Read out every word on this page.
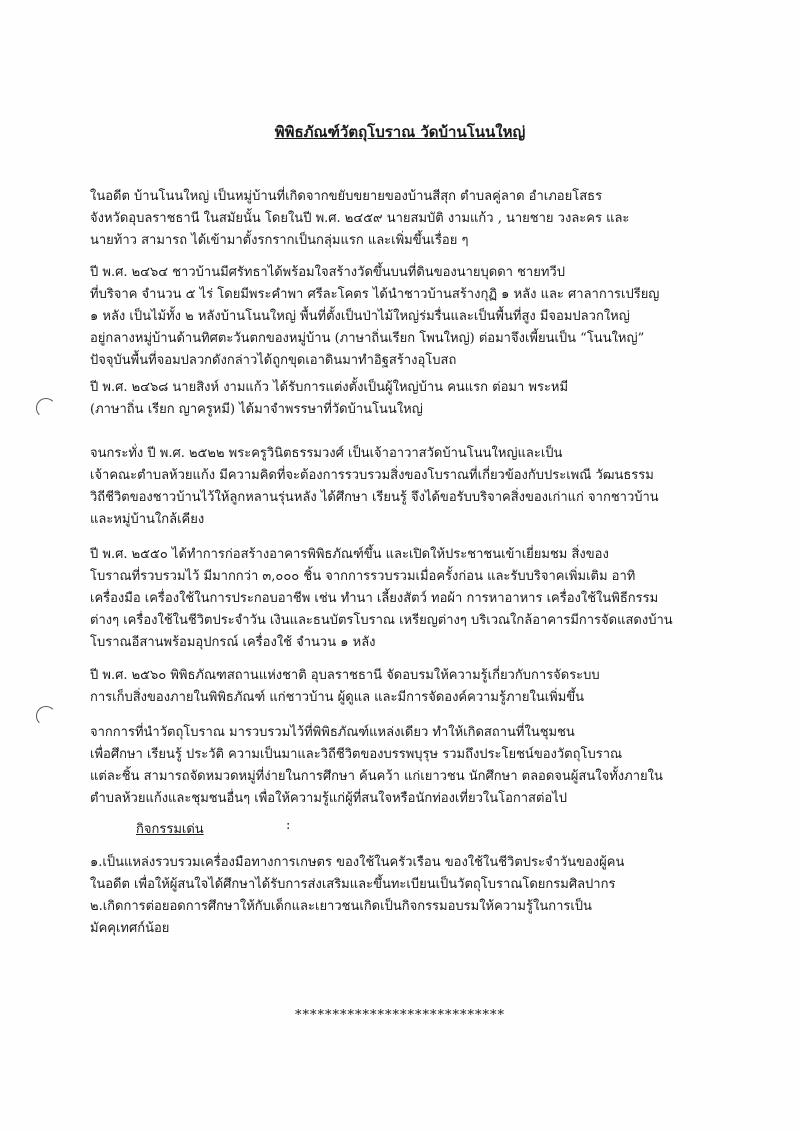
พิพิธภัณฑ์วัตถุโบราณ วัดบ้านโนนใหญ่
ในอดีต บ้านโนนใหญ่ เป็นหมู่บ้านที่เกิดจากขยับขยายของบ้านสีสุก ตำบลคู่ลาด อำเภอยโสธร
จังหวัดอุบลราชธานี ในสมัยนั้น โดยในปี พ.ศ. ๒๔๕๙ นายสมบัติ งามแก้ว , นายชาย วงละคร และ
นายท้าว สามารถ ได้เข้ามาตั้งรกรากเป็นกลุ่มแรก และเพิ่มขึ้นเรื่อย ๆ
ปี พ.ศ. ๒๔๖๔ ชาวบ้านมีศรัทธาได้พร้อมใจสร้างวัดขึ้นบนที่ดินของนายบุดดา ชายทวีป
ที่บริจาค จำนวน ๕ ไร่ โดยมีพระคำพา ศรีละโคตร ได้นำชาวบ้านสร้างกุฏิ ๑ หลัง และ ศาลาการเปรียญ
๑ หลัง เป็นไม้ทั้ง ๒ หลังบ้านโนนใหญ่ พื้นที่ตั้งเป็นป่าไม้ใหญ่ร่มรื่นและเป็นพื้นที่สูง มีจอมปลวกใหญ่
อยู่กลางหมู่บ้านด้านทิศตะวันตกของหมู่บ้าน (ภาษาถิ่นเรียก โพนใหญ่) ต่อมาจึงเพี้ยนเป็น “โนนใหญ่”
ปัจจุบันพื้นที่จอมปลวกดังกล่าวได้ถูกขุดเอาดินมาทำอิฐสร้างอุโบสถ
ปี พ.ศ. ๒๔๖๘ นายสิงห์ งามแก้ว ได้รับการแต่งตั้งเป็นผู้ใหญ่บ้าน คนแรก ต่อมา พระหมี
(ภาษาถิ่น เรียก ญาครูหมี) ได้มาจำพรรษาที่วัดบ้านโนนใหญ่
จนกระทั่ง ปี พ.ศ. ๒๕๒๒ พระครูวินิตธรรมวงศ์ เป็นเจ้าอาวาสวัดบ้านโนนใหญ่และเป็น
เจ้าคณะตำบลห้วยแก้ง มีความคิดที่จะต้องการรวบรวมสิ่งของโบราณที่เกี่ยวข้องกับประเพณี วัฒนธรรม
วิถีชีวิตของชาวบ้านไว้ให้ลูกหลานรุ่นหลัง ได้ศึกษา เรียนรู้ จึงได้ขอรับบริจาคสิ่งของเก่าแก่ จากชาวบ้าน
และหมู่บ้านใกล้เคียง
ปี พ.ศ. ๒๕๕๐ ได้ทำการก่อสร้างอาคารพิพิธภัณฑ์ขึ้น และเปิดให้ประชาชนเข้าเยี่ยมชม สิ่งของ
โบราณที่รวบรวมไว้ มีมากกว่า ๓,๐๐๐ ชิ้น จากการรวบรวมเมื่อครั้งก่อน และรับบริจาคเพิ่มเติม อาทิ
เครื่องมือ เครื่องใช้ในการประกอบอาชีพ เช่น ทำนา เลี้ยงสัตว์ ทอผ้า การหาอาหาร เครื่องใช้ในพิธีกรรม
ต่างๆ เครื่องใช้ในชีวิตประจำวัน เงินและธนบัตรโบราณ เหรียญต่างๆ บริเวณใกล้อาคารมีการจัดแสดงบ้าน
โบราณอีสานพร้อมอุปกรณ์ เครื่องใช้ จำนวน ๑ หลัง
ปี พ.ศ. ๒๕๖๐ พิพิธภัณฑสถานแห่งชาติ อุบลราชธานี จัดอบรมให้ความรู้เกี่ยวกับการจัดระบบ
การเก็บสิ่งของภายในพิพิธภัณฑ์ แก่ชาวบ้าน ผู้ดูแล และมีการจัดองค์ความรู้ภายในเพิ่มขึ้น
จากการที่นำวัตถุโบราณ มารวบรวมไว้ที่พิพิธภัณฑ์แหล่งเดียว ทำให้เกิดสถานที่ในชุมชน
เพื่อศึกษา เรียนรู้ ประวัติ ความเป็นมาและวิถีชีวิตของบรรพบุรุษ รวมถึงประโยชน์ของวัตถุโบราณ
แต่ละชิ้น สามารถจัดหมวดหมู่ที่ง่ายในการศึกษา ค้นคว้า แก่เยาวชน นักศึกษา ตลอดจนผู้สนใจทั้งภายใน
ตำบลห้วยแก้งและชุมชนอื่นๆ เพื่อให้ความรู้แก่ผู้ที่สนใจหรือนักท่องเที่ยวในโอกาสต่อไป
กิจกรรมเด่น	:
๑.เป็นแหล่งรวบรวมเครื่องมือทางการเกษตร ของใช้ในครัวเรือน ของใช้ในชีวิตประจำวันของผู้คน
ในอดีต เพื่อให้ผู้สนใจได้ศึกษาได้รับการส่งเสริมและขึ้นทะเบียนเป็นวัตถุโบราณโดยกรมศิลปากร
๒.เกิดการต่อยอดการศึกษาให้กับเด็กและเยาวชนเกิดเป็นกิจกรรมอบรมให้ความรู้ในการเป็น
มัคคุเทศก์น้อย
****************************
